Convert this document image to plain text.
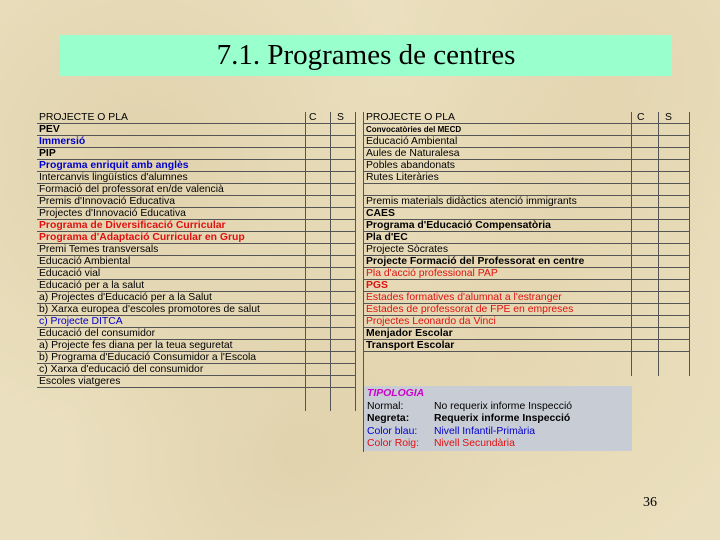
7.1. Programes de centres
PROJECTE O PLA	C S
PEV
Immersió
PIP
Programa enriquit amb anglès
Intercanvis lingüístics d'alumnes
Formació del professorat en/de valencià
Premis d'Innovació Educativa
Projectes d'Innovació Educativa
Programa de Diversificació Curricular
Programa d'Adaptació Curricular en Grup
Premi Temes transversals
Educació Ambiental
Educació vial
Educació per a la salut
a) Projectes d'Educació per a la Salut
b) Xarxa europea d'escoles promotores de salut
c) Projecte DITCA
Educació del consumidor
a) Projecte fes diana per la teua seguretat
b) Programa d'Educació Consumidor a l'Escola
c) Xarxa d'educació del consumidor
Escoles viatgeres
PROJECTE O PLA	C S
Convocatòries del MECD
Educació Ambiental
Aules de Naturalesa
Pobles abandonats
Rutes Literàries
Premis materials didàctics atenció immigrants
CAES
Programa d'Educació Compensatòria
Pla d'EC
Projecte Sòcrates
Projecte Formació del Professorat en centre
Pla d'acció professional PAP
PGS
Estades formatives d'alumnat a l'estranger
Estades de professorat de FPE en empreses
Projectes Leonardo da Vinci
Menjador Escolar
Transport Escolar
TIPOLOGIA
Normal:	No requerix informe Inspecció
Negreta: Requerix informe Inspecció
Color blau: Nivell Infantil-Primària
Color Roig: Nivell Secundària
36
